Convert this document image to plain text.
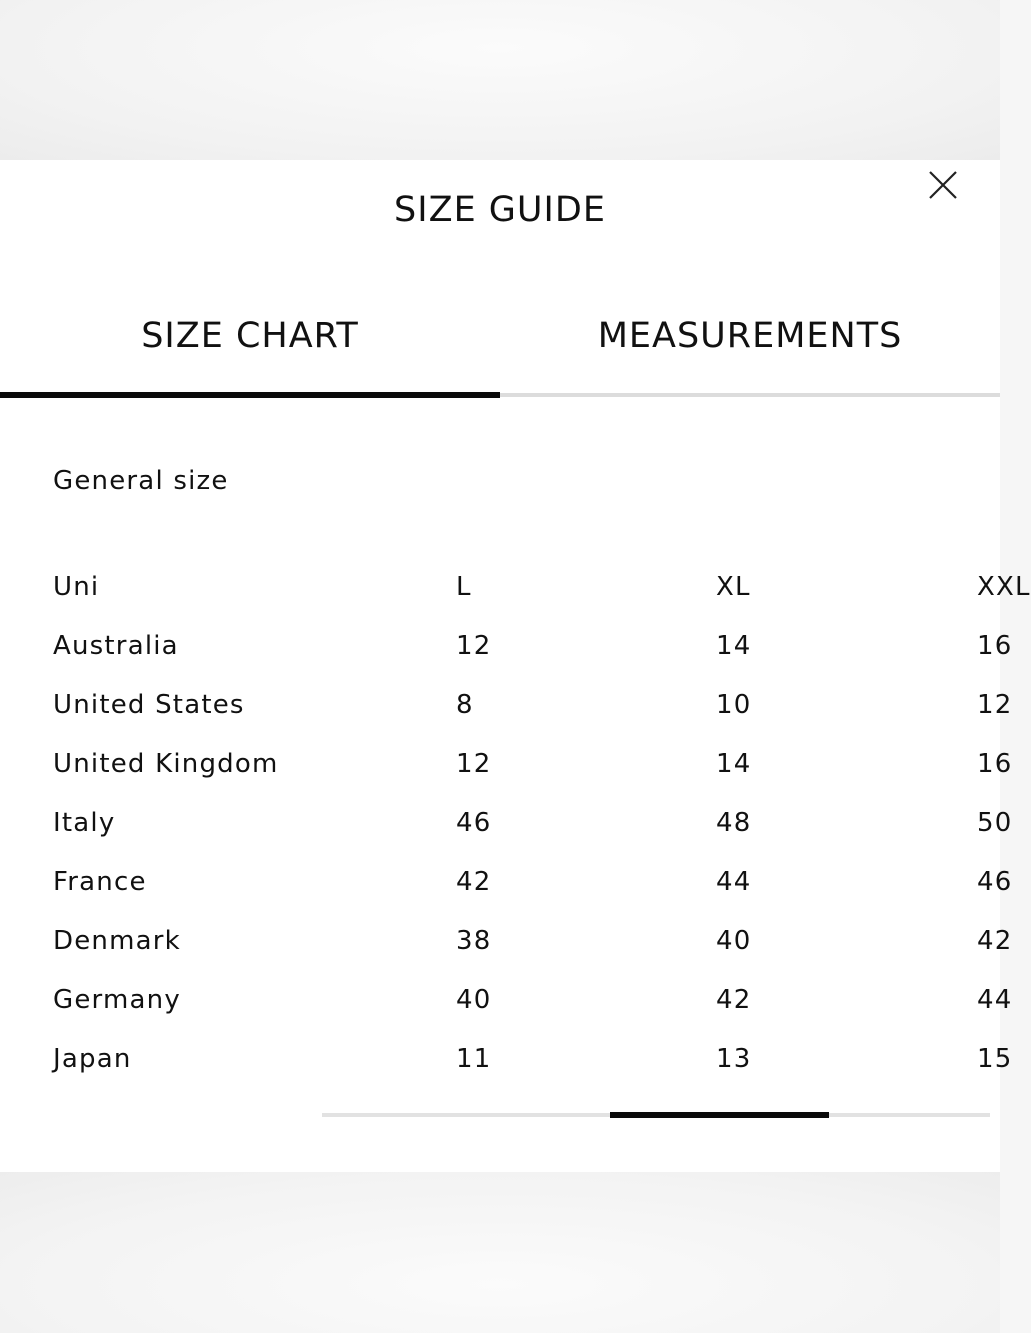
SIZE GUIDE
SIZE CHART	MEASUREMENTS
General size
Uni	L	XL	XXL
Australia	12	14	16
United States	8	10	12
United Kingdom	12	14	16
Italy	46	48	50
France	42	44	46
Denmark	38	40	42
Germany	40	42	44
Japan	11	13	15
